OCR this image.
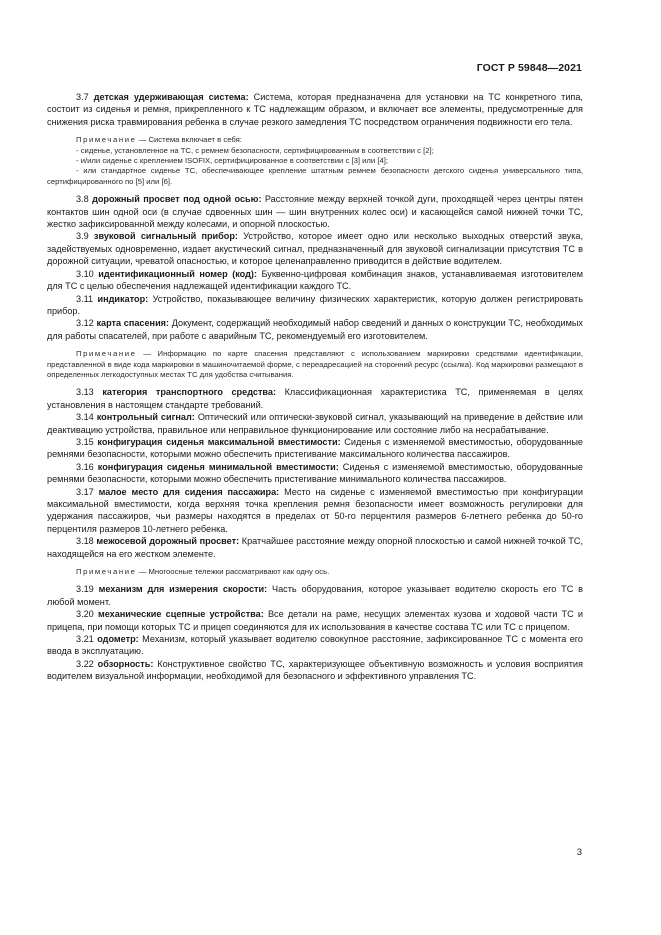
ГОСТ Р 59848—2021

3.7 детская удерживающая система: Система, которая предназначена для установки на ТС конкретного типа, состоит из сиденья и ремня, прикрепленного к ТС надлежащим образом, и включает все элементы, предусмотренные для снижения риска травмирования ребенка в случае резкого замедления ТС посредством ограничения подвижности его тела.

Примечание — Система включает в себя:

- сиденье, установленное на ТС, с ремнем безопасности, сертифицированным в соответствии с [2];

- и/или сиденье с креплением ISOFIX, сертифицированное в соответствии с [3] или [4];

- или стандартное сиденье ТС, обеспечивающее крепление штатным ремнем безопасности детского сиденья универсального типа, сертифицированного по [5] или [6].

3.8 дорожный просвет под одной осью: Расстояние между верхней точкой дуги, проходящей через центры пятен контактов шин одной оси (в случае сдвоенных шин — шин внутренних колес оси) и касающейся самой нижней точки ТС, жестко зафиксированной между колесами, и опорной плоскостью.

3.9 звуковой сигнальный прибор: Устройство, которое имеет одно или несколько выходных отверстий звука, задействуемых одновременно, издает акустический сигнал, предназначенный для звуковой сигнализации присутствия ТС в дорожной ситуации, чреватой опасностью, и которое целенаправленно приводится в действие водителем.

3.10 идентификационный номер (код): Буквенно-цифровая комбинация знаков, устанавливаемая изготовителем для ТС с целью обеспечения надлежащей идентификации каждого ТС.

3.11 индикатор: Устройство, показывающее величину физических характеристик, которую должен регистрировать прибор.

3.12 карта спасения: Документ, содержащий необходимый набор сведений и данных о конструкции ТС, необходимых для работы спасателей, при работе с аварийным ТС, рекомендуемый его изготовителем.

Примечание — Информацию по карте спасения представляют с использованием маркировки средствами идентификации, представленной в виде кода маркировки в машиночитаемой форме, с переадресацией на сторонний ресурс (ссылка). Код маркировки размещают в определенных легкодоступных местах ТС для удобства считывания.

3.13 категория транспортного средства: Классификационная характеристика ТС, применяемая в целях установления в настоящем стандарте требований.

3.14 контрольный сигнал: Оптический или оптически-звуковой сигнал, указывающий на приведение в действие или деактивацию устройства, правильное или неправильное функционирование или состояние либо на несрабатывание.

3.15 конфигурация сиденья максимальной вместимости: Сиденья с изменяемой вместимостью, оборудованные ремнями безопасности, которыми можно обеспечить пристегивание максимального количества пассажиров.

3.16 конфигурация сиденья минимальной вместимости: Сиденья с изменяемой вместимостью, оборудованные ремнями безопасности, которыми можно обеспечить пристегивание минимального количества пассажиров.

3.17 малое место для сидения пассажира: Место на сиденье с изменяемой вместимостью при конфигурации максимальной вместимости, когда верхняя точка крепления ремня безопасности имеет возможность регулировки для удержания пассажиров, чьи размеры находятся в пределах от 50-го перцентиля размеров 6-летнего ребенка до 50-го перцентиля размеров 10-летнего ребенка.

3.18 межосевой дорожный просвет: Кратчайшее расстояние между опорной плоскостью и самой нижней точкой ТС, находящейся на его жестком элементе.

Примечание — Многоосные тележки рассматривают как одну ось.

3.19 механизм для измерения скорости: Часть оборудования, которое указывает водителю скорость его ТС в любой момент.

3.20 механические сцепные устройства: Все детали на раме, несущих элементах кузова и ходовой части ТС и прицепа, при помощи которых ТС и прицеп соединяются для их использования в качестве состава ТС или ТС с прицепом.

3.21 одометр: Механизм, который указывает водителю совокупное расстояние, зафиксированное ТС с момента его ввода в эксплуатацию.

3.22 обзорность: Конструктивное свойство ТС, характеризующее объективную возможность и условия восприятия водителем визуальной информации, необходимой для безопасного и эффективного управления ТС.

3
